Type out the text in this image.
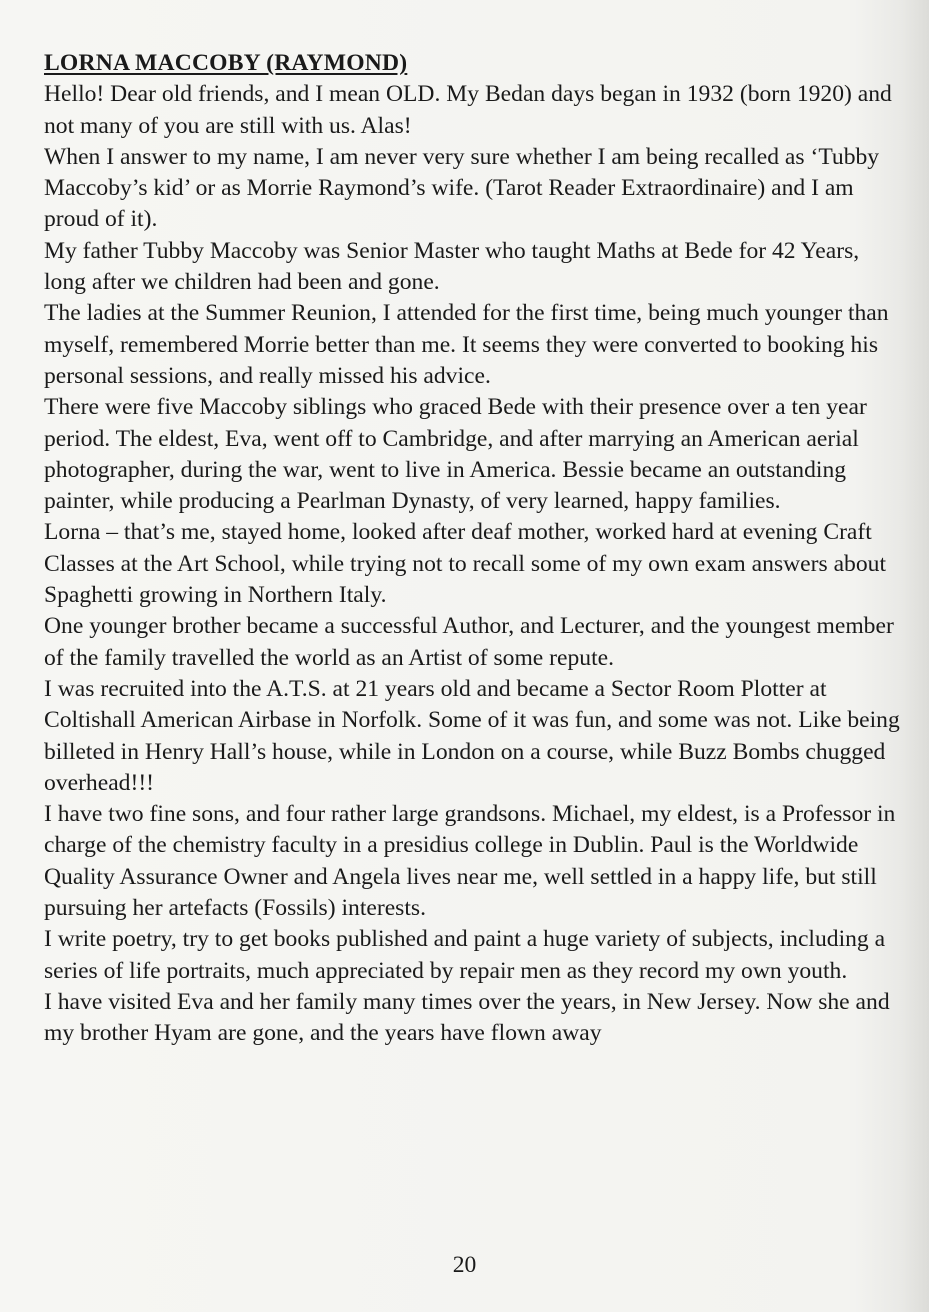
LORNA MACCOBY (RAYMOND)

Hello! Dear old friends, and I mean OLD. My Bedan days began in 1932 (born 1920) and not many of you are still with us. Alas!

When I answer to my name, I am never very sure whether I am being recalled as ‘Tubby Maccoby’s kid’ or as Morrie Raymond’s wife. (Tarot Reader Extraordinaire) and I am proud of it).

My father Tubby Maccoby was Senior Master who taught Maths at Bede for 42 Years, long after we children had been and gone.

The ladies at the Summer Reunion, I attended for the first time, being much younger than myself, remembered Morrie better than me. It seems they were converted to booking his personal sessions, and really missed his advice.

There were five Maccoby siblings who graced Bede with their presence over a ten year period. The eldest, Eva, went off to Cambridge, and after marrying an American aerial photographer, during the war, went to live in America. Bessie became an outstanding painter, while producing a Pearlman Dynasty, of very learned, happy families.

Lorna – that’s me, stayed home, looked after deaf mother, worked hard at evening Craft Classes at the Art School, while trying not to recall some of my own exam answers about Spaghetti growing in Northern Italy.

One younger brother became a successful Author, and Lecturer, and the youngest member of the family travelled the world as an Artist of some repute.

I was recruited into the A.T.S. at 21 years old and became a Sector Room Plotter at Coltishall American Airbase in Norfolk. Some of it was fun, and some was not. Like being billeted in Henry Hall’s house, while in London on a course, while Buzz Bombs chugged overhead!!!

I have two fine sons, and four rather large grandsons. Michael, my eldest, is a Professor in charge of the chemistry faculty in a presidius college in Dublin. Paul is the Worldwide Quality Assurance Owner and Angela lives near me, well settled in a happy life, but still pursuing her artefacts (Fossils) interests.

I write poetry, try to get books published and paint a huge variety of subjects, including a series of life portraits, much appreciated by repair men as they record my own youth.

I have visited Eva and her family many times over the years, in New Jersey. Now she and my brother Hyam are gone, and the years have flown away

20
